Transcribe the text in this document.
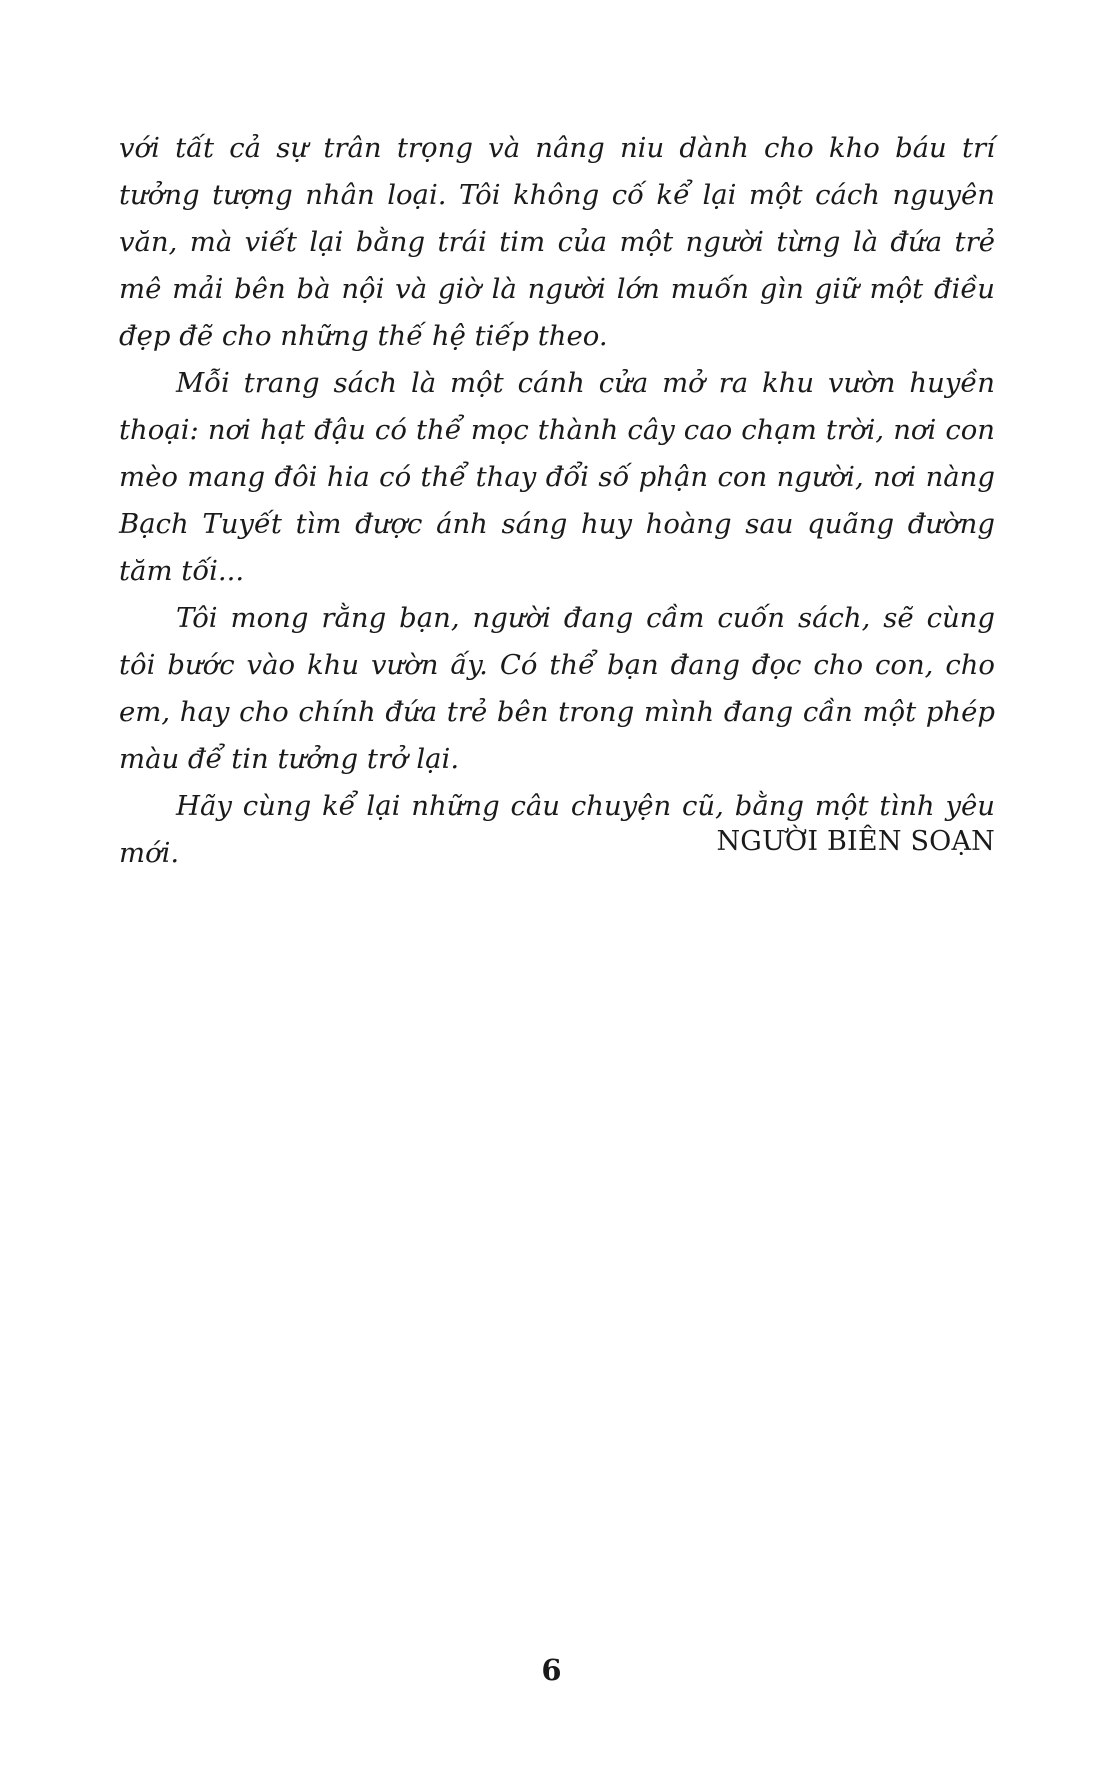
với tất cả sự trân trọng và nâng niu dành cho kho báu trí tưởng tượng nhân loại. Tôi không cố kể lại một cách nguyên văn, mà viết lại bằng trái tim của một người từng là đứa trẻ mê mải bên bà nội và giờ là người lớn muốn gìn giữ một điều đẹp đẽ cho những thế hệ tiếp theo.

Mỗi trang sách là một cánh cửa mở ra khu vườn huyền thoại: nơi hạt đậu có thể mọc thành cây cao chạm trời, nơi con mèo mang đôi hia có thể thay đổi số phận con người, nơi nàng Bạch Tuyết tìm được ánh sáng huy hoàng sau quãng đường tăm tối...

Tôi mong rằng bạn, người đang cầm cuốn sách, sẽ cùng tôi bước vào khu vườn ấy. Có thể bạn đang đọc cho con, cho em, hay cho chính đứa trẻ bên trong mình đang cần một phép màu để tin tưởng trở lại.

Hãy cùng kể lại những câu chuyện cũ, bằng một tình yêu mới.	NGƯỜI BIÊN SOẠN
6
